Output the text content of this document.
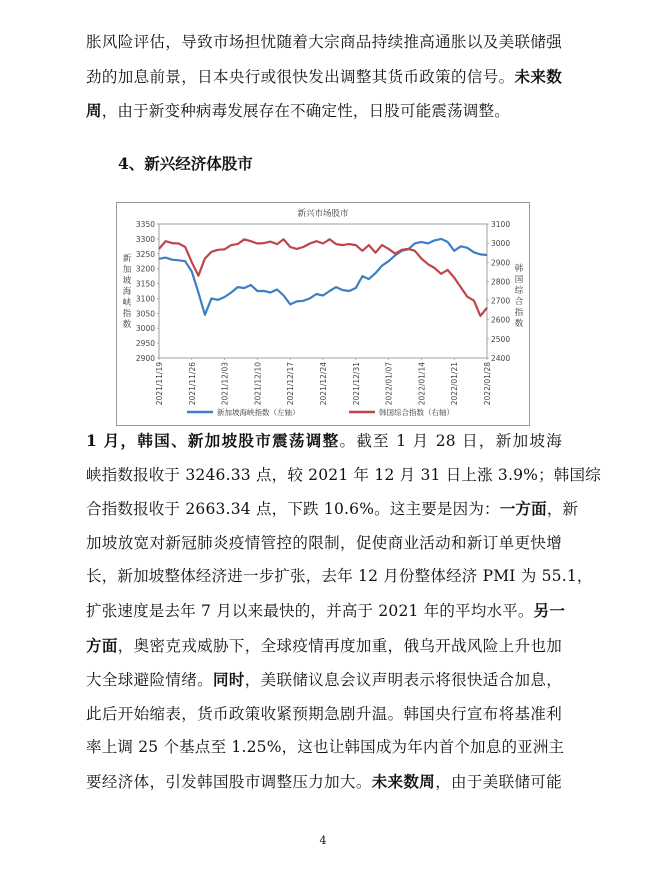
胀风险评估，导致市场担忧随着大宗商品持续推高通胀以及美联储强
劲的加息前景，日本央行或很快发出调整其货币政策的信号。未来数
周，由于新变种病毒发展存在不确定性，日股可能震荡调整。
4、新兴经济体股市
新兴市场股市
2900
2950
3000
3050
3100
3150
3200
3250
3300
3350
2400
2500
2600
2700
2800
2900
3000
3100
新加坡海峡指数
韩国综合指数
2021/11/19	2021/11/26	2021/12/03	2021/12/10	2021/12/17	2021/12/24	2021/12/31	2022/01/07	2022/01/14	2022/01/21	2022/01/28
新加坡海峡指数（左轴）	韩国综合指数（右轴）
1 月，韩国、新加坡股市震荡调整。截至 1 月 28 日，新加坡海
峡指数报收于 3246.33 点，较 2021 年 12 月 31 日上涨 3.9%；韩国综
合指数报收于 2663.34 点，下跌 10.6%。这主要是因为：一方面，新
加坡放宽对新冠肺炎疫情管控的限制，促使商业活动和新订单更快增
长，新加坡整体经济进一步扩张，去年 12 月份整体经济 PMI 为 55.1，
扩张速度是去年 7 月以来最快的，并高于 2021 年的平均水平。另一
方面，奥密克戎威胁下，全球疫情再度加重，俄乌开战风险上升也加
大全球避险情绪。同时，美联储议息会议声明表示将很快适合加息，
此后开始缩表，货币政策收紧预期急剧升温。韩国央行宣布将基准利
率上调 25 个基点至 1.25%，这也让韩国成为年内首个加息的亚洲主
要经济体，引发韩国股市调整压力加大。未来数周，由于美联储可能
4
